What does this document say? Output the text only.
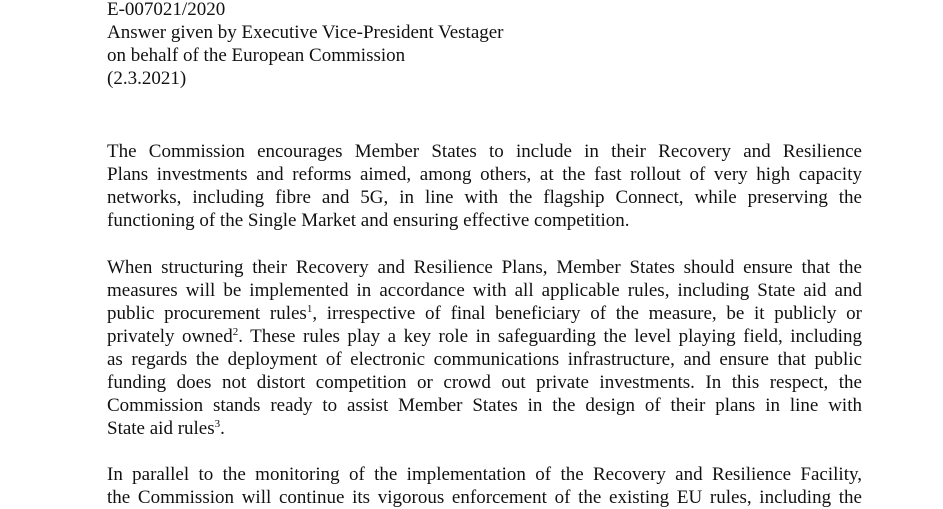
E-007021/2020
Answer given by Executive Vice-President Vestager
on behalf of the European Commission
(2.3.2021)
The Commission encourages Member States to include in their Recovery and Resilience
Plans investments and reforms aimed, among others, at the fast rollout of very high capacity
networks, including fibre and 5G, in line with the flagship Connect, while preserving the
functioning of the Single Market and ensuring effective competition.
When structuring their Recovery and Resilience Plans, Member States should ensure that the
measures will be implemented in accordance with all applicable rules, including State aid and
public procurement rules$^1$, irrespective of final beneficiary of the measure, be it publicly or
privately owned$^2$. These rules play a key role in safeguarding the level playing field, including
as regards the deployment of electronic communications infrastructure, and ensure that public
funding does not distort competition or crowd out private investments. In this respect, the
Commission stands ready to assist Member States in the design of their plans in line with
State aid rules$^3$.
In parallel to the monitoring of the implementation of the Recovery and Resilience Facility,
the Commission will continue its vigorous enforcement of the existing EU rules, including the
